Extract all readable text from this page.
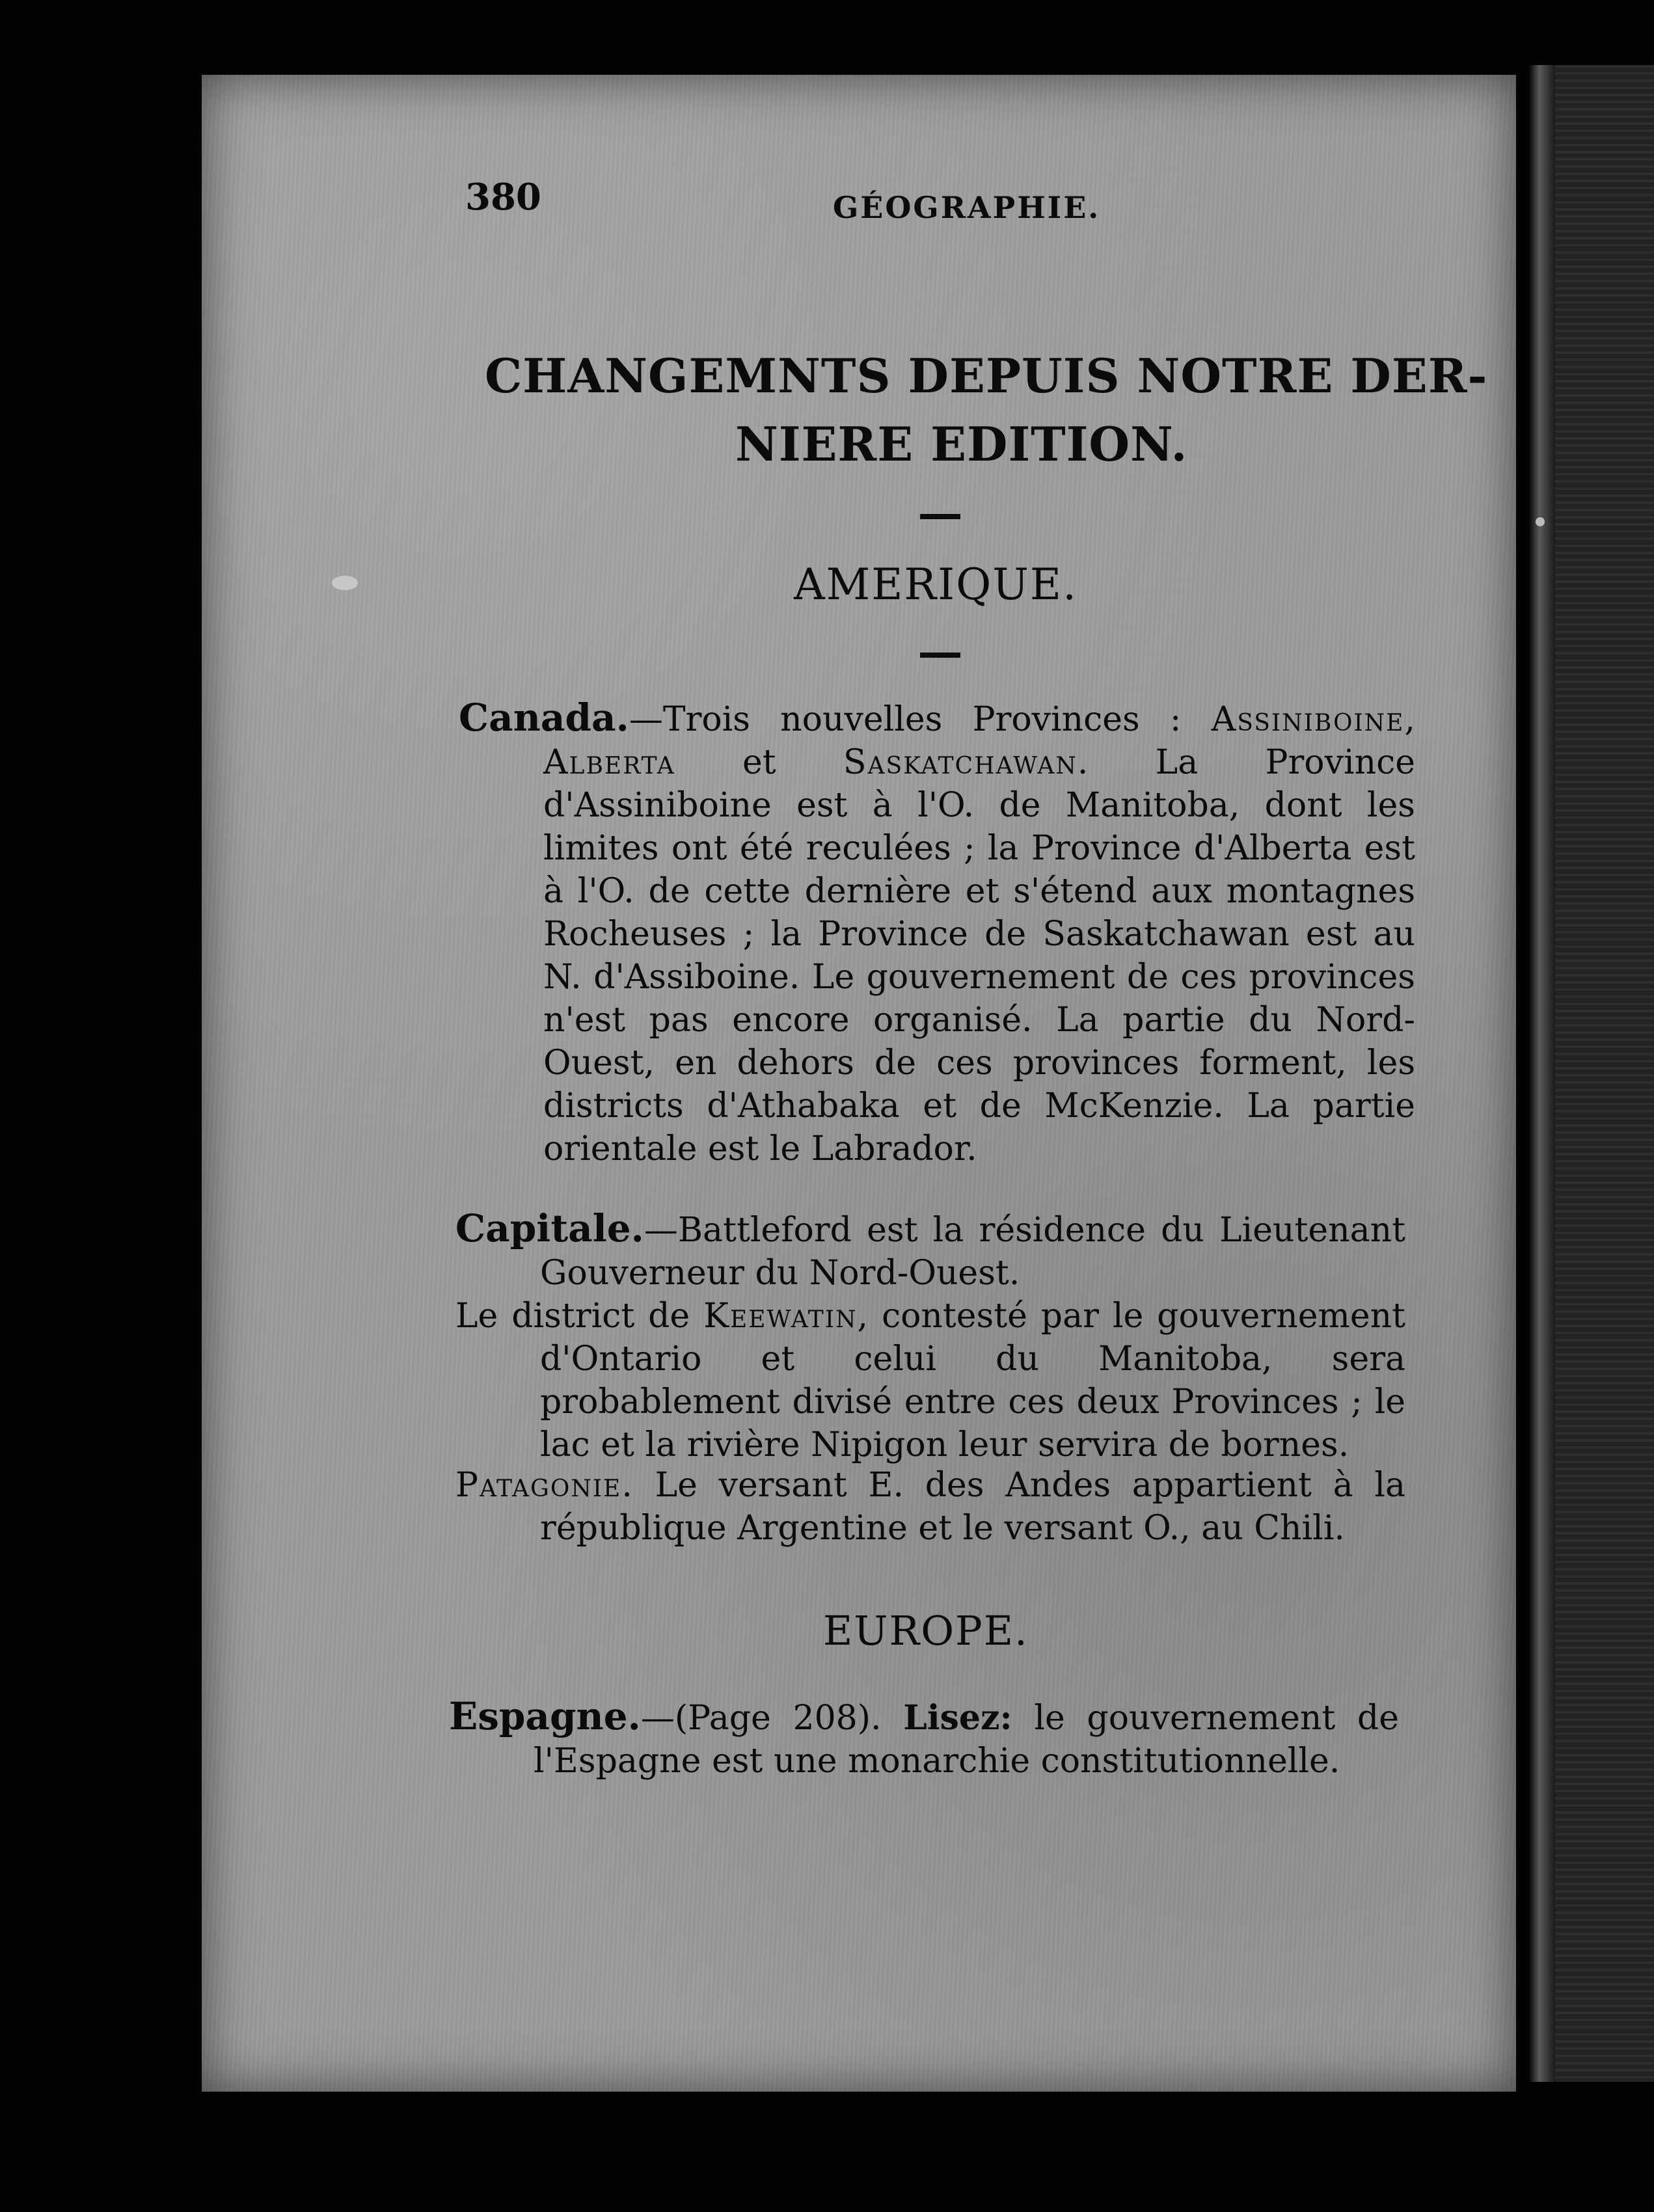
380	GÉOGRAPHIE.
CHANGEMNTS DEPUIS NOTRE DER-
NIERE EDITION.
AMERIQUE.
Canada.—Trois nouvelles Provinces : Assiniboine, Alberta et Saskatchawan. La Province d'Assiniboine est à l'O. de Manitoba, dont les limites ont été reculées ; la Province d'Alberta est à l'O. de cette dernière et s'étend aux montagnes Rocheuses ; la Province de Saskatchawan est au N. d'Assiboine. Le gouvernement de ces provinces n'est pas encore organisé. La partie du Nord-Ouest, en dehors de ces provinces forment, les districts d'Athabaka et de McKenzie. La partie orientale est le Labrador.
Capitale.—Battleford est la résidence du Lieutenant Gouverneur du Nord-Ouest.
Le district de Keewatin, contesté par le gouvernement d'Ontario et celui du Manitoba, sera probablement divisé entre ces deux Provinces ; le lac et la rivière Nipigon leur servira de bornes.
Patagonie. Le versant E. des Andes appartient à la république Argentine et le versant O., au Chili.
EUROPE.
Espagne.—(Page 208). Lisez: le gouvernement de l'Espagne est une monarchie constitutionnelle.
